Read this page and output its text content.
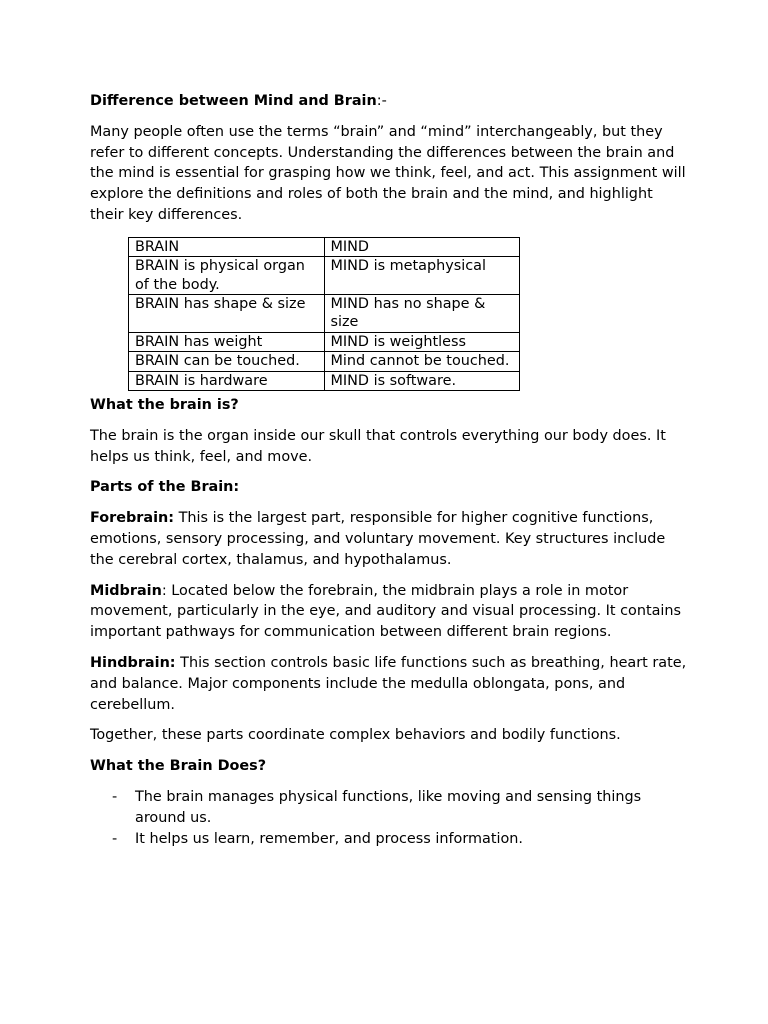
Difference between Mind and Brain:-

Many people often use the terms “brain” and “mind” interchangeably, but they refer to different concepts. Understanding the differences between the brain and the mind is essential for grasping how we think, feel, and act. This assignment will explore the definitions and roles of both the brain and the mind, and highlight their key differences.

BRAIN	MIND
BRAIN is physical organ of the body.	MIND is metaphysical
BRAIN has shape & size	MIND has no shape & size
BRAIN has weight	MIND is weightless
BRAIN can be touched.	Mind cannot be touched.
BRAIN is hardware	MIND is software.

What the brain is?

The brain is the organ inside our skull that controls everything our body does. It helps us think, feel, and move.

Parts of the Brain:

Forebrain: This is the largest part, responsible for higher cognitive functions, emotions, sensory processing, and voluntary movement. Key structures include the cerebral cortex, thalamus, and hypothalamus.

Midbrain: Located below the forebrain, the midbrain plays a role in motor movement, particularly in the eye, and auditory and visual processing. It contains important pathways for communication between different brain regions.

Hindbrain: This section controls basic life functions such as breathing, heart rate, and balance. Major components include the medulla oblongata, pons, and cerebellum.

Together, these parts coordinate complex behaviors and bodily functions.

What the Brain Does?

- The brain manages physical functions, like moving and sensing things around us.
- It helps us learn, remember, and process information.
